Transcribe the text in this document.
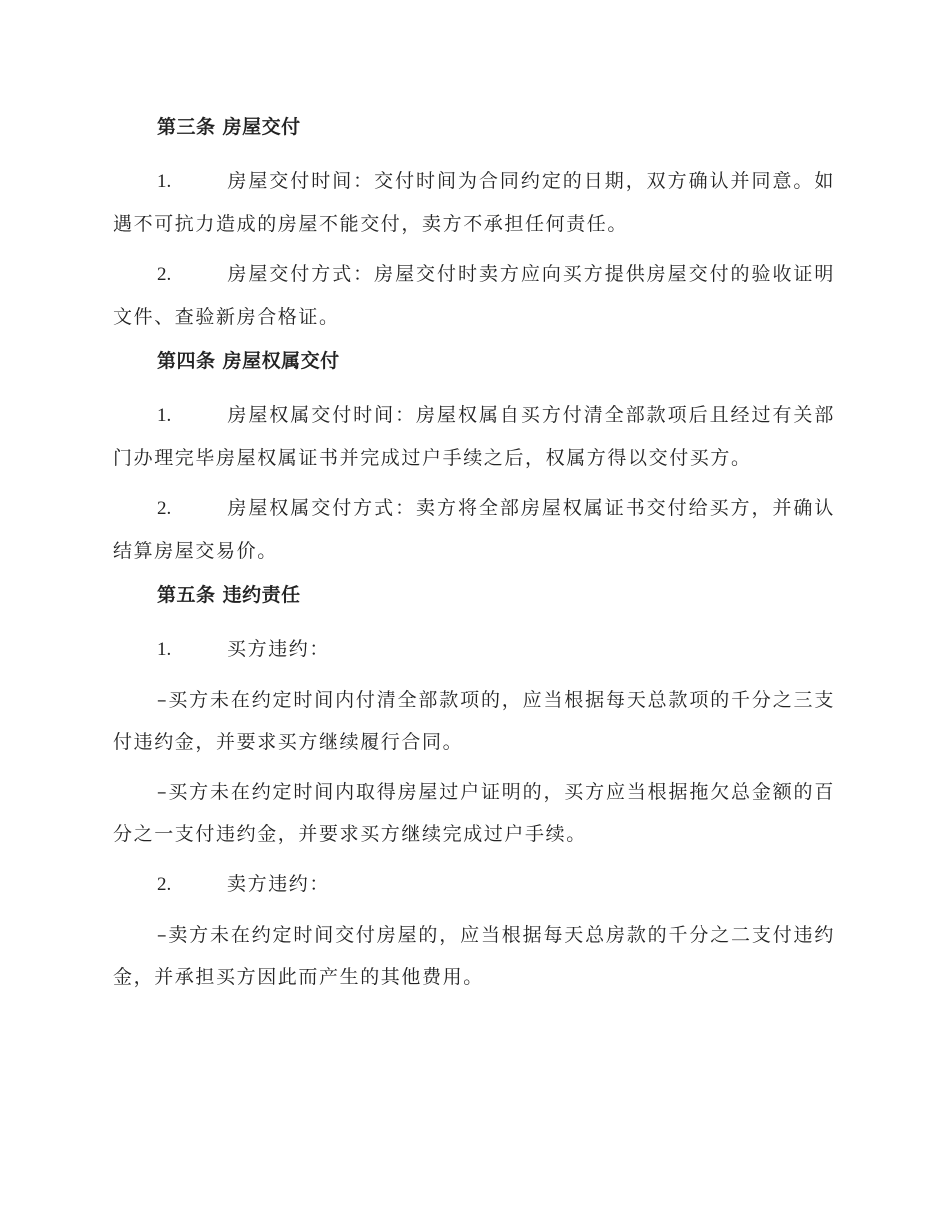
第三条 房屋交付

1.	房屋交付时间：交付时间为合同约定的日期，双方确认并同意。如遇不可抗力造成的房屋不能交付，卖方不承担任何责任。

2.	房屋交付方式：房屋交付时卖方应向买方提供房屋交付的验收证明文件、查验新房合格证。

第四条 房屋权属交付

1.	房屋权属交付时间：房屋权属自买方付清全部款项后且经过有关部门办理完毕房屋权属证书并完成过户手续之后，权属方得以交付买方。

2.	房屋权属交付方式：卖方将全部房屋权属证书交付给买方，并确认结算房屋交易价。

第五条 违约责任

1.	买方违约：

–买方未在约定时间内付清全部款项的，应当根据每天总款项的千分之三支付违约金，并要求买方继续履行合同。

–买方未在约定时间内取得房屋过户证明的，买方应当根据拖欠总金额的百分之一支付违约金，并要求买方继续完成过户手续。

2.	卖方违约：

–卖方未在约定时间交付房屋的，应当根据每天总房款的千分之二支付违约金，并承担买方因此而产生的其他费用。
